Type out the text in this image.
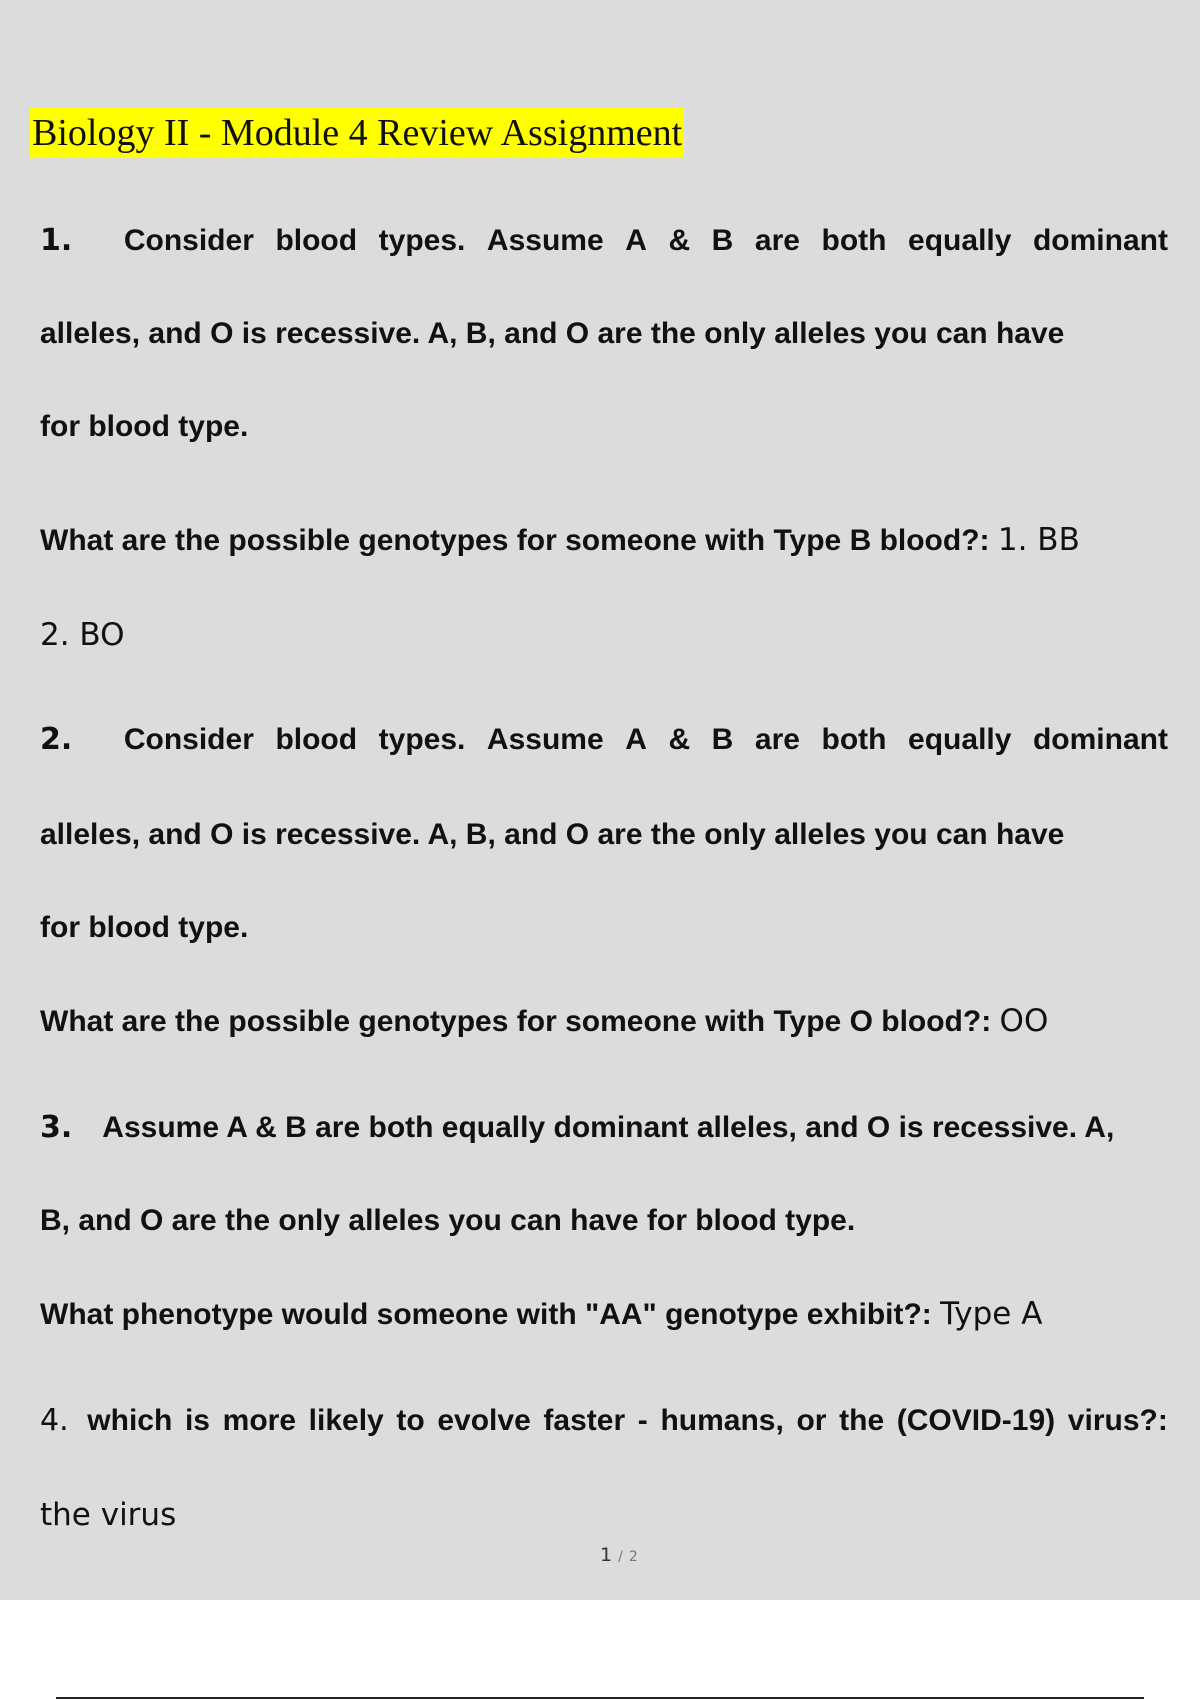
Biology II - Module 4 Review Assignment
1. Consider blood types. Assume A & B are both equally dominant
alleles, and O is recessive. A, B, and O are the only alleles you can have
for blood type.
What are the possible genotypes for someone with Type B blood?: 1. BB
2. BO
2. Consider blood types. Assume A & B are both equally dominant
alleles, and O is recessive. A, B, and O are the only alleles you can have
for blood type.
What are the possible genotypes for someone with Type O blood?: OO
3. Assume A & B are both equally dominant alleles, and O is recessive. A,
B, and O are the only alleles you can have for blood type.
What phenotype would someone with "AA" genotype exhibit?: Type A
4. which is more likely to evolve faster - humans, or the (COVID-19) virus?:
the virus
1 / 2
